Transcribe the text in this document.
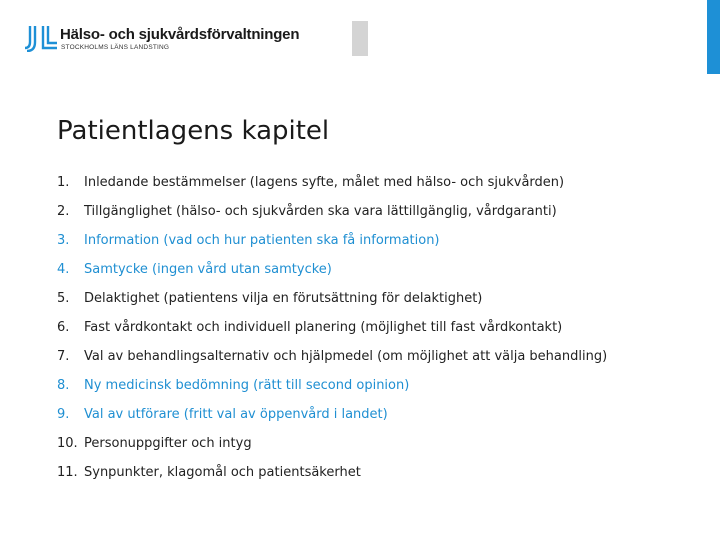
Hälso- och sjukvårdsförvaltningen
STOCKHOLMS LÄNS LANDSTING
Patientlagens kapitel
1. Inledande bestämmelser (lagens syfte, målet med hälso- och sjukvården)
2. Tillgänglighet (hälso- och sjukvården ska vara lättillgänglig, vårdgaranti)
3. Information (vad och hur patienten ska få information)
4. Samtycke (ingen vård utan samtycke)
5. Delaktighet (patientens vilja en förutsättning för delaktighet)
6. Fast vårdkontakt och individuell planering (möjlighet till fast vårdkontakt)
7. Val av behandlingsalternativ och hjälpmedel (om möjlighet att välja behandling)
8. Ny medicinsk bedömning (rätt till second opinion)
9. Val av utförare (fritt val av öppenvård i landet)
10. Personuppgifter och intyg
11. Synpunkter, klagomål och patientsäkerhet
